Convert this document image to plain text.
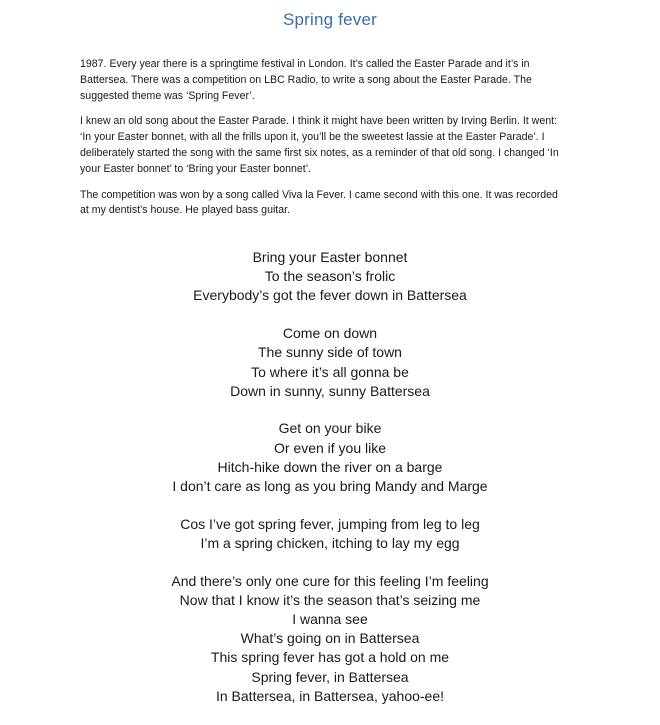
Spring fever

1987. Every year there is a springtime festival in London. It’s called the Easter Parade and it’s in Battersea. There was a competition on LBC Radio, to write a song about the Easter Parade. The suggested theme was ‘Spring Fever’.

I knew an old song about the Easter Parade. I think it might have been written by Irving Berlin. It went: ‘In your Easter bonnet, with all the frills upon it, you’ll be the sweetest lassie at the Easter Parade’. I deliberately started the song with the same first six notes, as a reminder of that old song. I changed ‘In your Easter bonnet’ to ‘Bring your Easter bonnet’.

The competition was won by a song called Viva la Fever. I came second with this one. It was recorded at my dentist’s house. He played bass guitar.

Bring your Easter bonnet
To the season’s frolic
Everybody’s got the fever down in Battersea
Come on down
The sunny side of town
To where it’s all gonna be
Down in sunny, sunny Battersea
Get on your bike
Or even if you like
Hitch-hike down the river on a barge
I don’t care as long as you bring Mandy and Marge
Cos I’ve got spring fever, jumping from leg to leg
I’m a spring chicken, itching to lay my egg
And there’s only one cure for this feeling I’m feeling
Now that I know it’s the season that’s seizing me
I wanna see
What’s going on in Battersea
This spring fever has got a hold on me
Spring fever, in Battersea
In Battersea, in Battersea, yahoo-ee!
